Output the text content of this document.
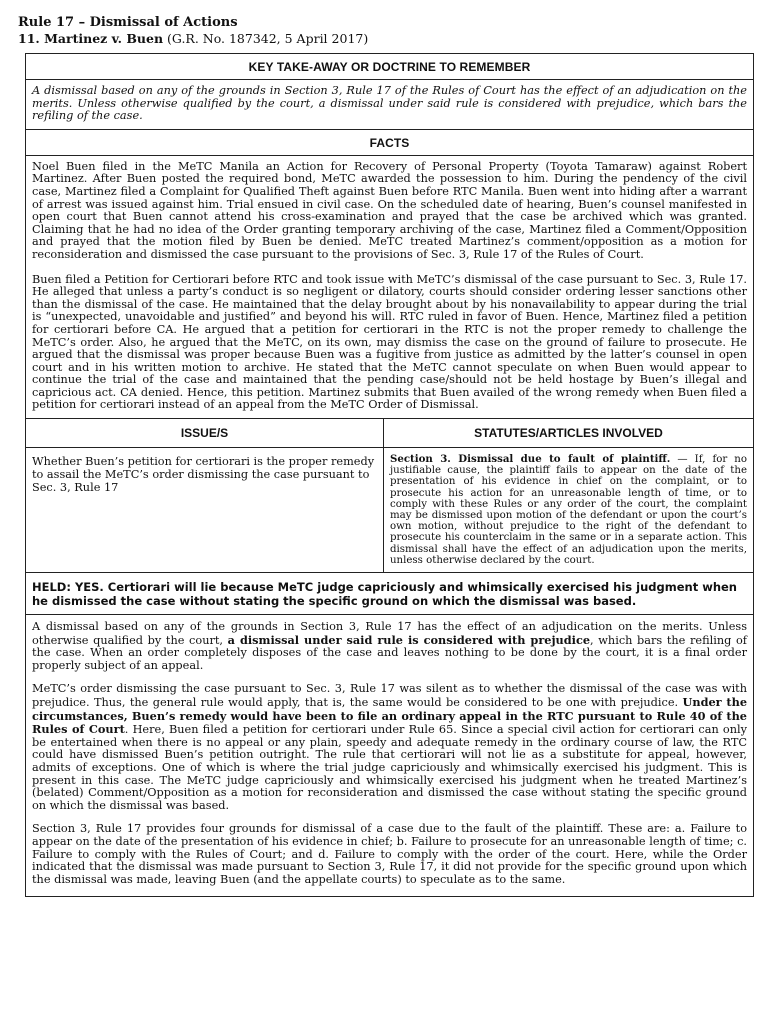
Rule 17 – Dismissal of Actions
11. Martinez v. Buen (G.R. No. 187342, 5 April 2017)
KEY TAKE-AWAY OR DOCTRINE TO REMEMBER
A dismissal based on any of the grounds in Section 3, Rule 17 of the Rules of Court has the effect of an adjudication on the merits. Unless otherwise qualified by the court, a dismissal under said rule is considered with prejudice, which bars the refiling of the case.
FACTS

Noel Buen filed in the MeTC Manila an Action for Recovery of Personal Property (Toyota Tamaraw) against Robert Martinez. After Buen posted the required bond, MeTC awarded the possession to him. During the pendency of the civil case, Martinez filed a Complaint for Qualified Theft against Buen before RTC Manila. Buen went into hiding after a warrant of arrest was issued against him. Trial ensued in civil case. On the scheduled date of hearing, Buen’s counsel manifested in open court that Buen cannot attend his cross-examination and prayed that the case be archived which was granted. Claiming that he had no idea of the Order granting temporary archiving of the case, Martinez filed a Comment/Opposition and prayed that the motion filed by Buen be denied. MeTC treated Martinez’s comment/opposition as a motion for reconsideration and dismissed the case pursuant to the provisions of Sec. 3, Rule 17 of the Rules of Court.

Buen filed a Petition for Certiorari before RTC and took issue with MeTC’s dismissal of the case pursuant to Sec. 3, Rule 17. He alleged that unless a party’s conduct is so negligent or dilatory, courts should consider ordering lesser sanctions other than the dismissal of the case. He maintained that the delay brought about by his nonavailability to appear during the trial is “unexpected, unavoidable and justified” and beyond his will. RTC ruled in favor of Buen. Hence, Martinez filed a petition for certiorari before CA. He argued that a petition for certiorari in the RTC is not the proper remedy to challenge the MeTC’s order. Also, he argued that the MeTC, on its own, may dismiss the case on the ground of failure to prosecute. He argued that the dismissal was proper because Buen was a fugitive from justice as admitted by the latter’s counsel in open court and in his written motion to archive. He stated that the MeTC cannot speculate on when Buen would appear to continue the trial of the case and maintained that the pending case/should not be held hostage by Buen’s illegal and capricious act. CA denied. Hence, this petition. Martinez submits that Buen availed of the wrong remedy when Buen filed a petition for certiorari instead of an appeal from the MeTC Order of Dismissal.

ISSUE/S	STATUTES/ARTICLES INVOLVED
Whether Buen’s petition for certiorari is the proper remedy to assail the MeTC’s order dismissing the case pursuant to Sec. 3, Rule 17
Section 3. Dismissal due to fault of plaintiff. — If, for no justifiable cause, the plaintiff fails to appear on the date of the presentation of his evidence in chief on the complaint, or to prosecute his action for an unreasonable length of time, or to comply with these Rules or any order of the court, the complaint may be dismissed upon motion of the defendant or upon the court’s own motion, without prejudice to the right of the defendant to prosecute his counterclaim in the same or in a separate action. This dismissal shall have the effect of an adjudication upon the merits, unless otherwise declared by the court.
HELD: YES. Certiorari will lie because MeTC judge capriciously and whimsically exercised his judgment when he dismissed the case without stating the specific ground on which the dismissal was based.

A dismissal based on any of the grounds in Section 3, Rule 17 has the effect of an adjudication on the merits. Unless otherwise qualified by the court, a dismissal under said rule is considered with prejudice, which bars the refiling of the case. When an order completely disposes of the case and leaves nothing to be done by the court, it is a final order properly subject of an appeal.

MeTC’s order dismissing the case pursuant to Sec. 3, Rule 17 was silent as to whether the dismissal of the case was with prejudice. Thus, the general rule would apply, that is, the same would be considered to be one with prejudice. Under the circumstances, Buen’s remedy would have been to file an ordinary appeal in the RTC pursuant to Rule 40 of the Rules of Court. Here, Buen filed a petition for certiorari under Rule 65. Since a special civil action for certiorari can only be entertained when there is no appeal or any plain, speedy and adequate remedy in the ordinary course of law, the RTC could have dismissed Buen’s petition outright. The rule that certiorari will not lie as a substitute for appeal, however, admits of exceptions. One of which is where the trial judge capriciously and whimsically exercised his judgment. This is present in this case. The MeTC judge capriciously and whimsically exercised his judgment when he treated Martinez’s (belated) Comment/Opposition as a motion for reconsideration and dismissed the case without stating the specific ground on which the dismissal was based.

Section 3, Rule 17 provides four grounds for dismissal of a case due to the fault of the plaintiff. These are: a. Failure to appear on the date of the presentation of his evidence in chief; b. Failure to prosecute for an unreasonable length of time; c. Failure to comply with the Rules of Court; and d. Failure to comply with the order of the court. Here, while the Order indicated that the dismissal was made pursuant to Section 3, Rule 17, it did not provide for the specific ground upon which the dismissal was made, leaving Buen (and the appellate courts) to speculate as to the same.
